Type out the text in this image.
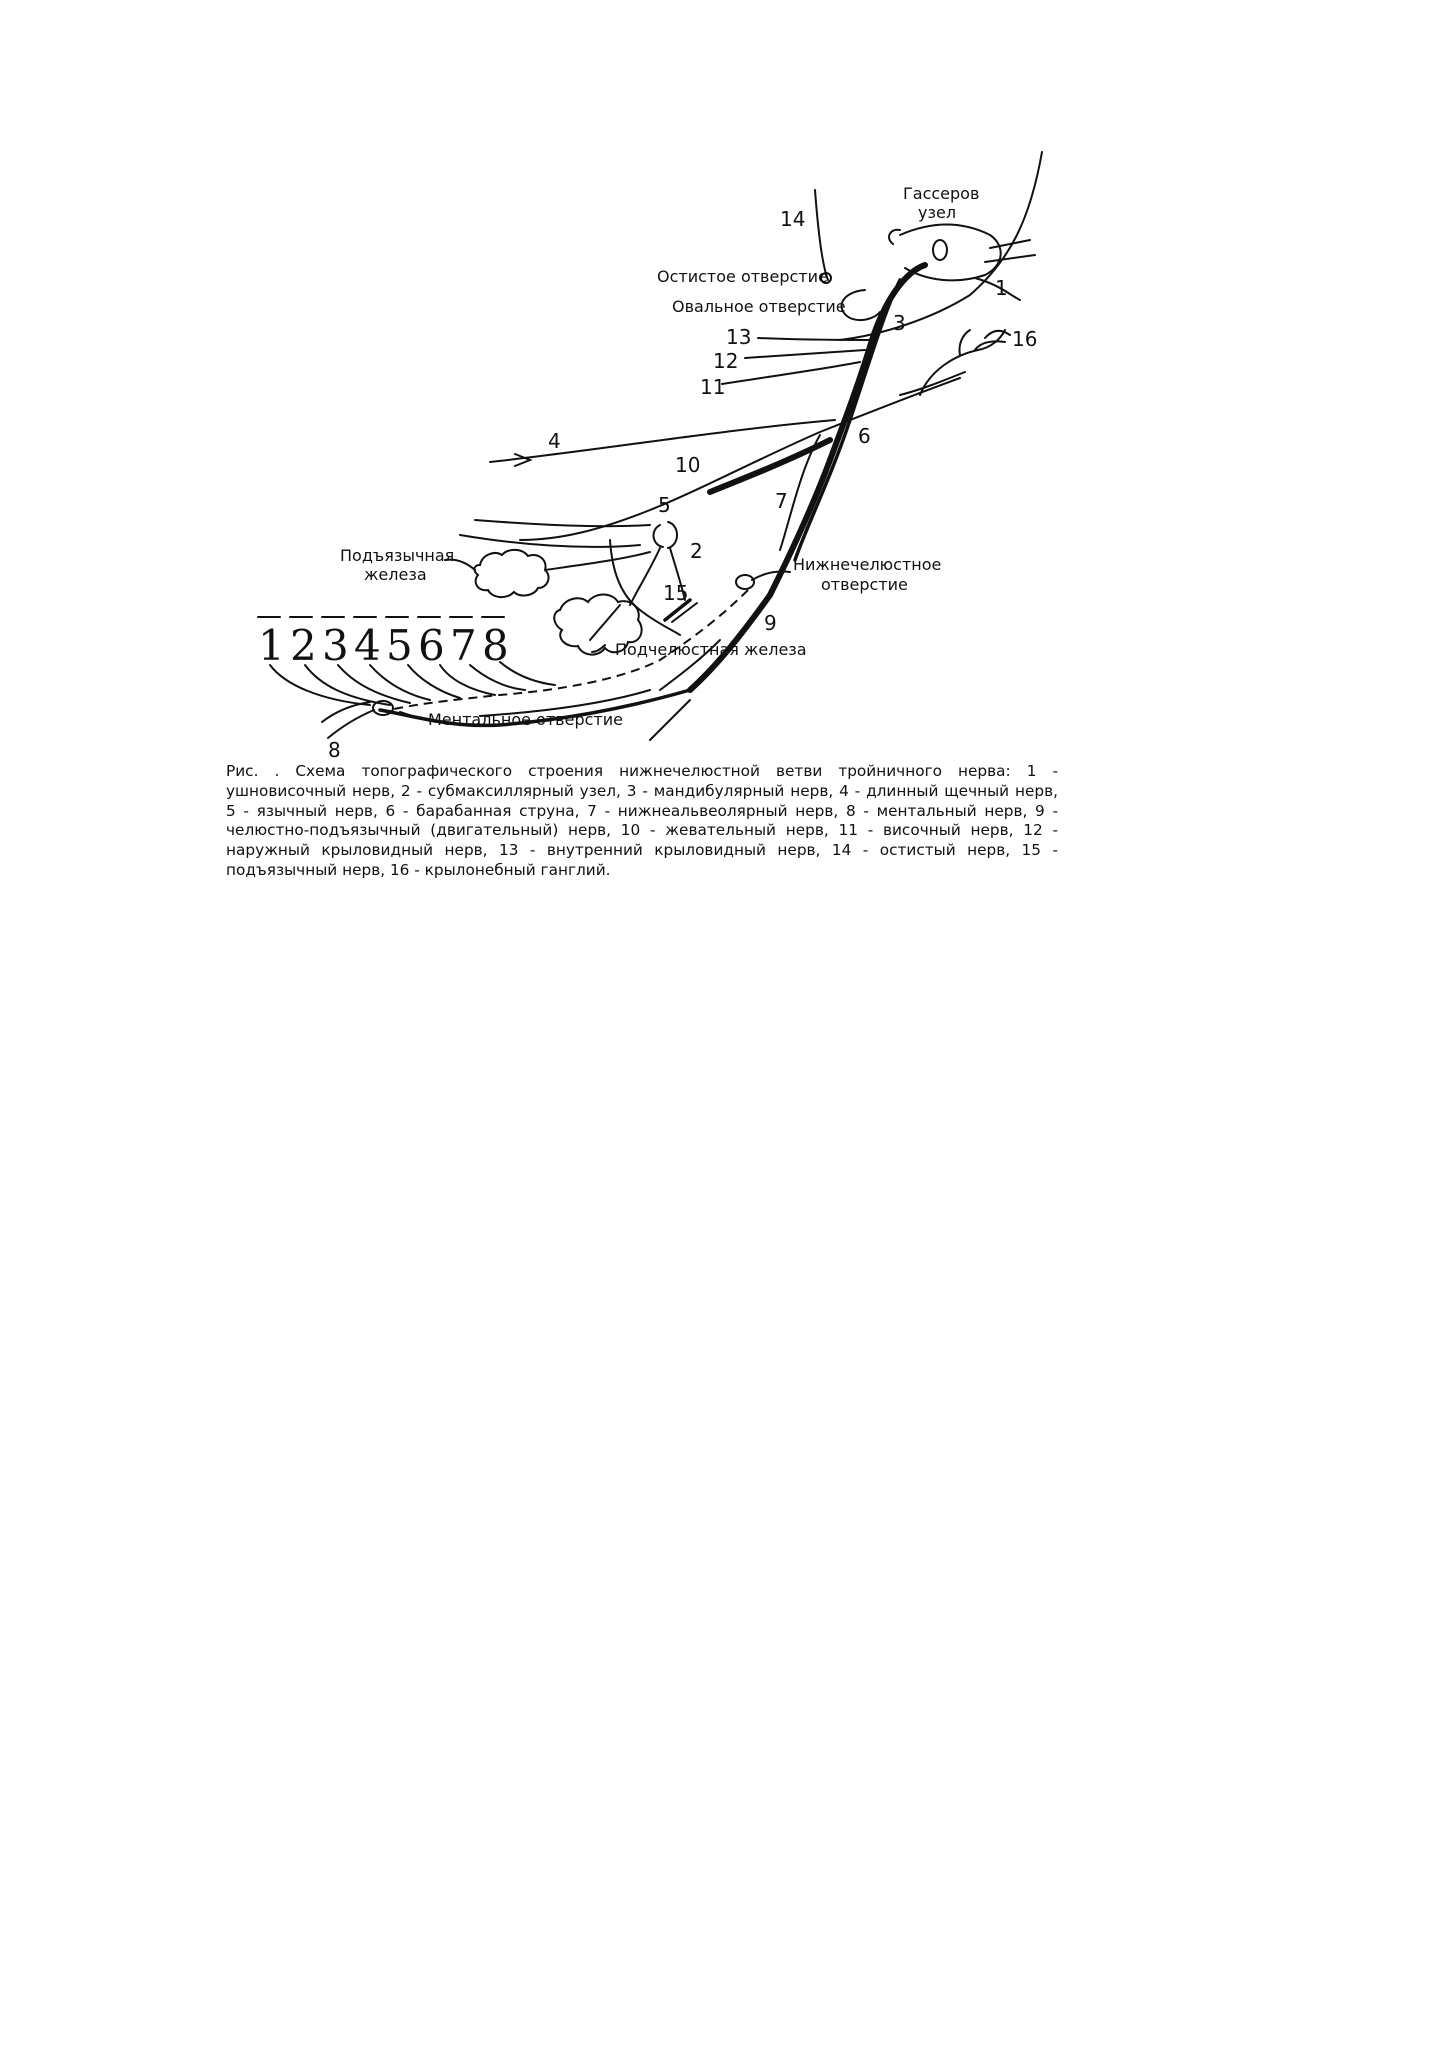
Гассеров
узел
Остистое отверстие
Овальное отверстие
Подъязычная
железа
Нижнечелюстное
отверстие
Подчелюстная железа
Ментальное отверстие
1
2
3
4
5
6
7
8
9
10
11
12
13
14
15
16
1 2 3 4 5 6 7 8

Рис. . Схема топографического строения нижнечелюстной ветви тройничного нерва: 1 - ушновисочный нерв, 2 - субмаксиллярный узел, 3 - мандибулярный нерв, 4 - длинный щечный нерв, 5 - язычный нерв, 6 - барабанная струна, 7 - нижнеальвеолярный нерв, 8 - ментальный нерв, 9 - челюстно-подъязычный (двигательный) нерв, 10 - жевательный нерв, 11 - височный нерв, 12 - наружный крыловидный нерв, 13 - внутренний крыловидный нерв, 14 - остистый нерв, 15 - подъязычный нерв, 16 - крылонебный ганглий.
